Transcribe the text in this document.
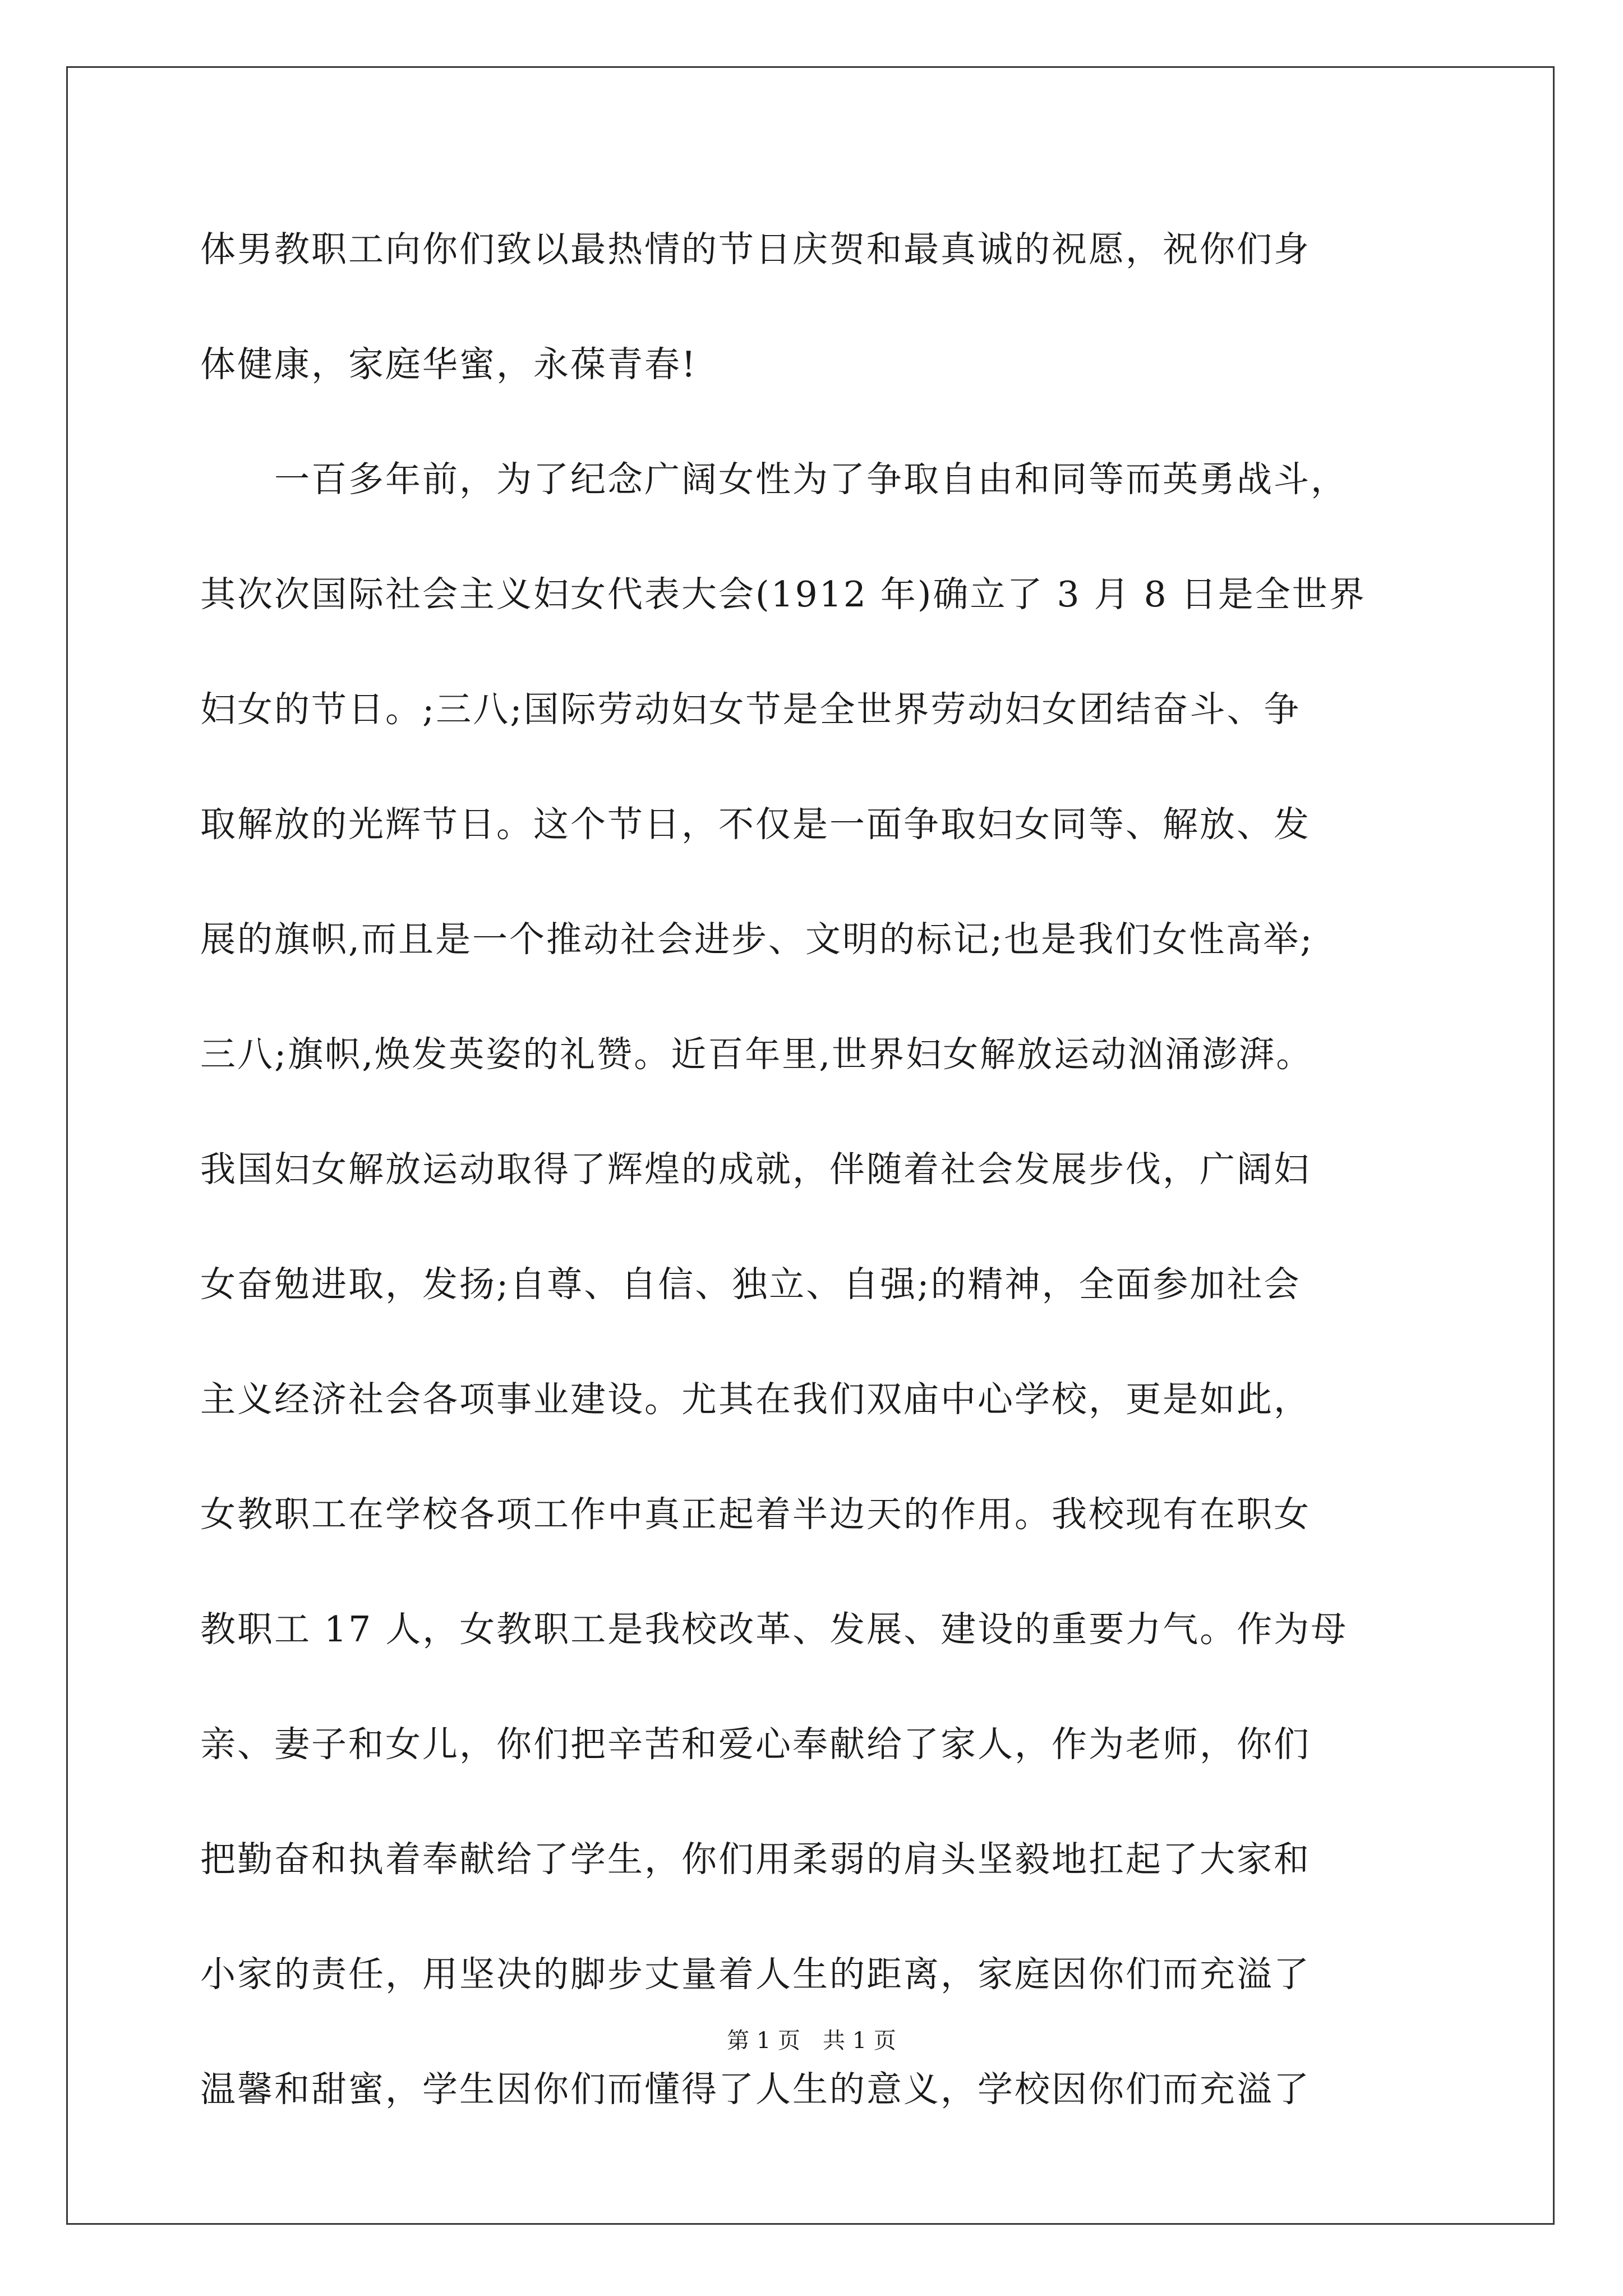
体男教职工向你们致以最热情的节日庆贺和最真诚的祝愿，祝你们身
体健康，家庭华蜜，永葆青春!
　　一百多年前，为了纪念广阔女性为了争取自由和同等而英勇战斗，
其次次国际社会主义妇女代表大会(1912 年)确立了 3 月 8 日是全世界
妇女的节日。;三八;国际劳动妇女节是全世界劳动妇女团结奋斗、争
取解放的光辉节日。这个节日，不仅是一面争取妇女同等、解放、发
展的旗帜,而且是一个推动社会进步、文明的标记;也是我们女性高举;
三八;旗帜,焕发英姿的礼赞。近百年里,世界妇女解放运动汹涌澎湃。
我国妇女解放运动取得了辉煌的成就，伴随着社会发展步伐，广阔妇
女奋勉进取，发扬;自尊、自信、独立、自强;的精神，全面参加社会
主义经济社会各项事业建设。尤其在我们双庙中心学校，更是如此，
女教职工在学校各项工作中真正起着半边天的作用。我校现有在职女
教职工 17 人，女教职工是我校改革、发展、建设的重要力气。作为母
亲、妻子和女儿，你们把辛苦和爱心奉献给了家人，作为老师，你们
把勤奋和执着奉献给了学生，你们用柔弱的肩头坚毅地扛起了大家和
小家的责任，用坚决的脚步丈量着人生的距离，家庭因你们而充溢了
温馨和甜蜜，学生因你们而懂得了人生的意义，学校因你们而充溢了
第 1 页　共 1 页
